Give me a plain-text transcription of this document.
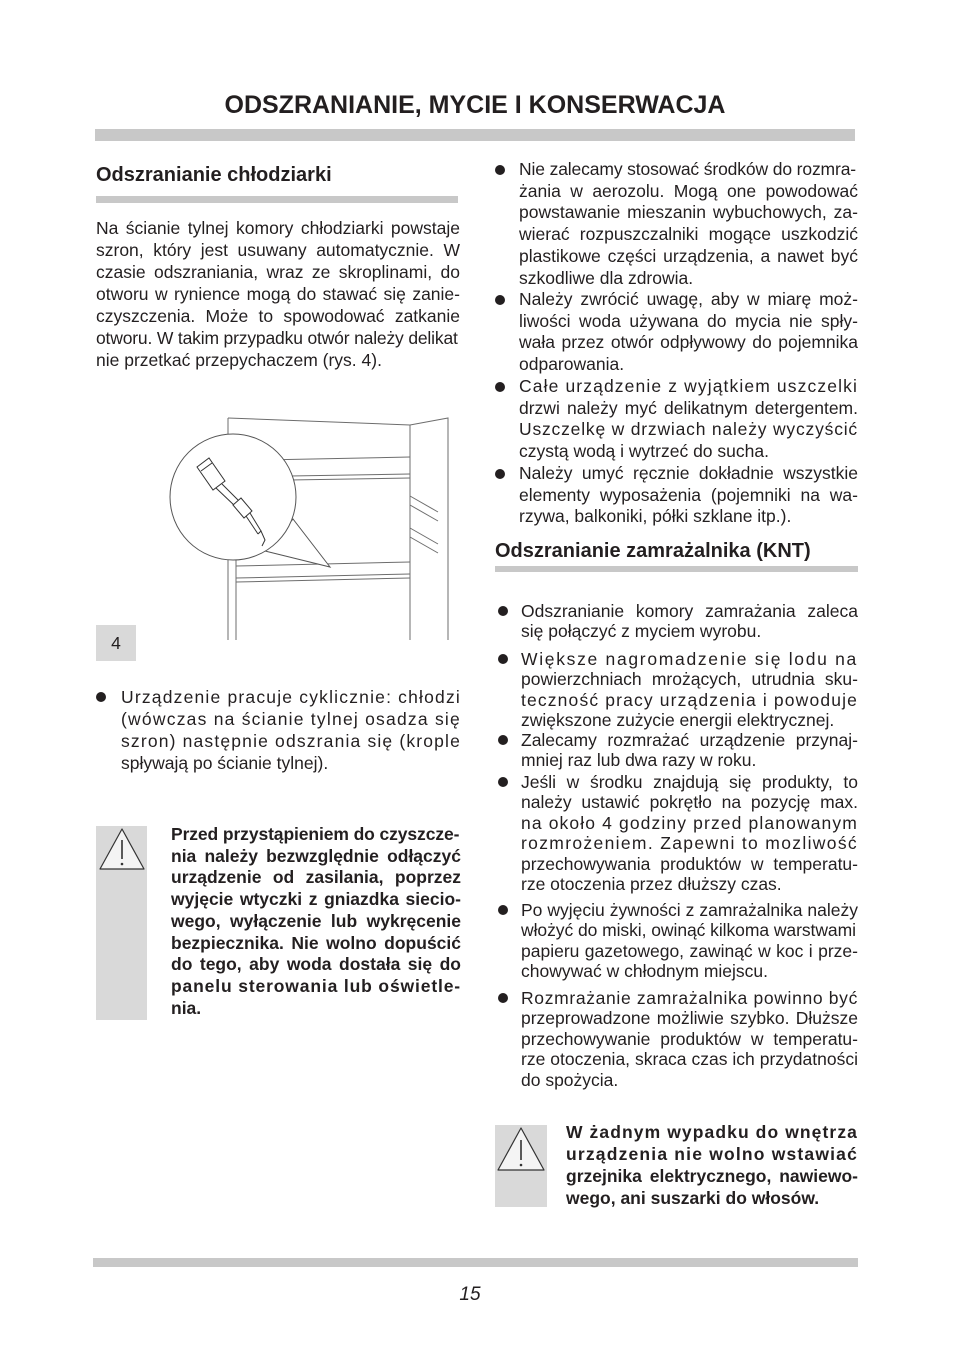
ODSZRANIANIE, MYCIE I KONSERWACJA
Odszranianie chłodziarki
Na ścianie tylnej komory chłodziarki powstaje
szron, który jest usuwany automatycznie. W
czasie odszraniania, wraz ze skroplinami, do
otworu w rynience mogą do stawać się zanie-
czyszczenia. Może to spowodować zatkanie
otworu. W takim przypadku otwór należy delikat
nie przetkać przepychaczem (rys. 4).
4
Urządzenie pracuje cyklicznie: chłodzi
(wówczas na ścianie tylnej osadza się
szron) następnie odszrania się (krople
spływają po ścianie tylnej).
Przed przystąpieniem do czyszcze-
nia należy bezwzględnie odłączyć
urządzenie od zasilania, poprzez
wyjęcie wtyczki z gniazdka siecio-
wego, wyłączenie lub wykręcenie
bezpiecznika. Nie wolno dopuścić
do tego, aby woda dostała się do
panelu sterowania lub oświetle-
nia.
Nie zalecamy stosować środków do rozmra-
żania w aerozolu. Mogą one powodować
powstawanie mieszanin wybuchowych, za-
wierać rozpuszczalniki mogące uszkodzić
plastikowe części urządzenia, a nawet być
szkodliwe dla zdrowia.
Należy zwrócić uwagę, aby w miarę moż-
liwości woda używana do mycia nie spły-
wała przez otwór odpływowy do pojemnika
odparowania.
Całe urządzenie z wyjątkiem uszczelki
drzwi należy myć delikatnym detergentem.
Uszczelkę w drzwiach należy wyczyścić
czystą wodą i wytrzeć do sucha.
Należy umyć ręcznie dokładnie wszystkie
elementy wyposażenia (pojemniki na wa-
rzywa, balkoniki, półki szklane itp.).
Odszranianie zamrażalnika (KNT)
Odszranianie komory zamrażania zaleca
się połączyć z myciem wyrobu.
Większe nagromadzenie się lodu na
powierzchniach mrożących, utrudnia sku-
teczność pracy urządzenia i powoduje
zwiększone zużycie energii elektrycznej.
Zalecamy rozmrażać urządzenie przynaj-
mniej raz lub dwa razy w roku.
Jeśli w środku znajdują się produkty, to
należy ustawić pokrętło na pozycję max.
na około 4 godziny przed planowanym
rozmrożeniem. Zapewni to mozliwość
przechowywania produktów w temperatu-
rze otoczenia przez dłuższy czas.
Po wyjęciu żywności z zamrażalnika należy
włożyć do miski, owinąć kilkoma warstwami
papieru gazetowego, zawinąć w koc i prze-
chowywać w chłodnym miejscu.
Rozmrażanie zamrażalnika powinno być
przeprowadzone możliwie szybko. Dłuższe
przechowywanie produktów w temperatu-
rze otoczenia, skraca czas ich przydatności
do spożycia.
W żadnym wypadku do wnętrza
urządzenia nie wolno wstawiać
grzejnika elektrycznego, nawiewo-
wego, ani suszarki do włosów.
15
